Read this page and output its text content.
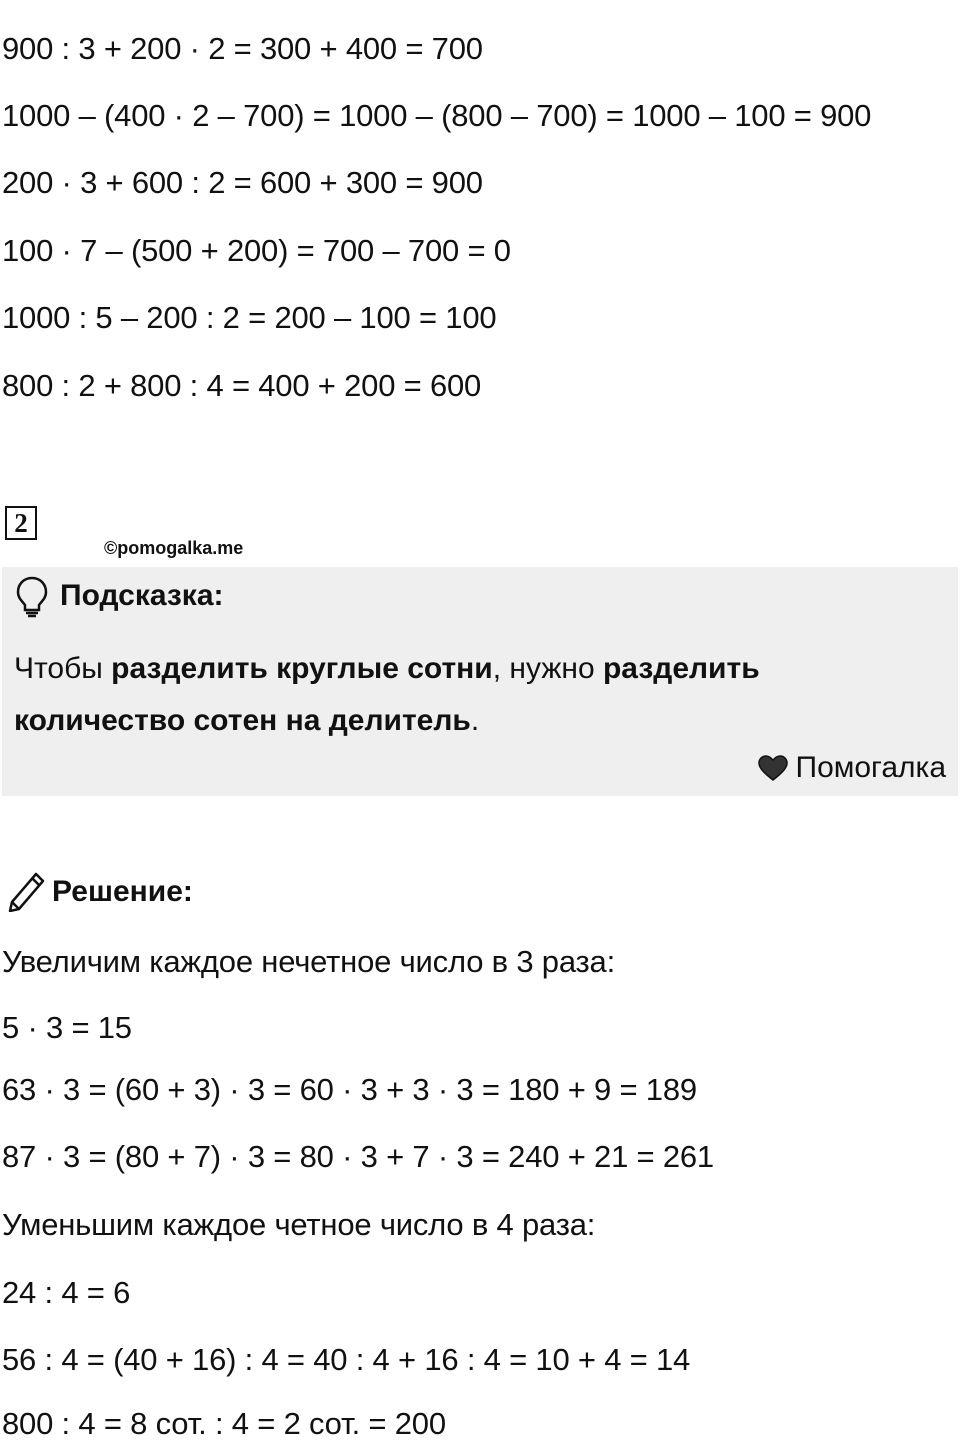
900 : 3 + 200 · 2 = 300 + 400 = 700
1000 – (400 · 2 – 700) = 1000 – (800 – 700) = 1000 – 100 = 900
200 · 3 + 600 : 2 = 600 + 300 = 900
100 · 7 – (500 + 200) = 700 – 700 = 0
1000 : 5 – 200 : 2 = 200 – 100 = 100
800 : 2 + 800 : 4 = 400 + 200 = 600
2
©pomogalka.me
Подсказка:
Чтобы разделить круглые сотни, нужно разделить количество сотен на делитель.
Помогалка
Решение:
Увеличим каждое нечетное число в 3 раза:
5 · 3 = 15
63 · 3 = (60 + 3) · 3 = 60 · 3 + 3 · 3 = 180 + 9 = 189
87 · 3 = (80 + 7) · 3 = 80 · 3 + 7 · 3 = 240 + 21 = 261
Уменьшим каждое четное число в 4 раза:
24 : 4 = 6
56 : 4 = (40 + 16) : 4 = 40 : 4 + 16 : 4 = 10 + 4 = 14
800 : 4 = 8 сот. : 4 = 2 сот. = 200
